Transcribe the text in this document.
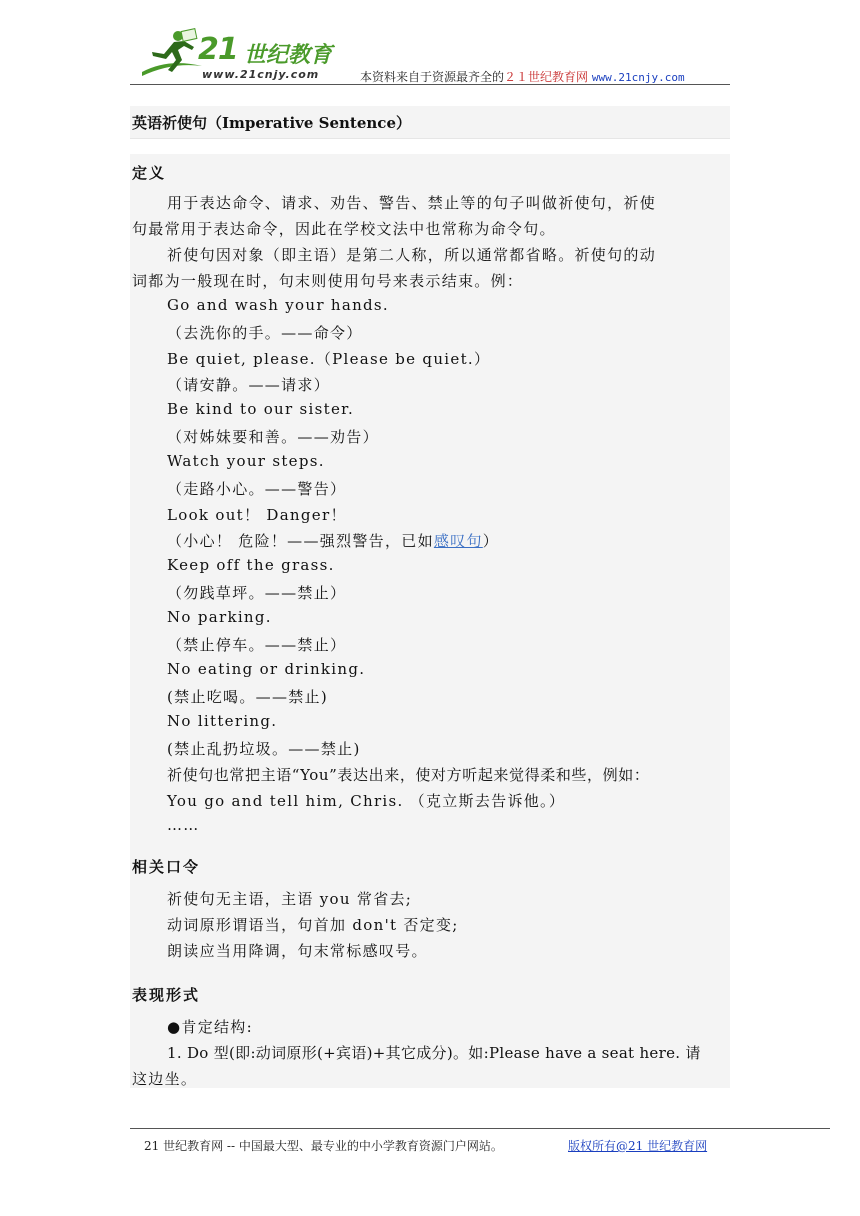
21 世纪教育
www.21cnjy.com	本资料来自于资源最齐全的２１世纪教育网 www.21cnjy.com
英语祈使句（Imperative Sentence）
定义
用于表达命令、请求、劝告、警告、禁止等的句子叫做祈使句，祈使
句最常用于表达命令，因此在学校文法中也常称为命令句。
祈使句因对象（即主语）是第二人称，所以通常都省略。祈使句的动
词都为一般现在时，句末则使用句号来表示结束。例：
Go and wash your hands.
（去洗你的手。——命令）
Be quiet, please.（Please be quiet.）
（请安静。——请求）
Be kind to our sister.
（对姊妹要和善。——劝告）
Watch your steps.
（走路小心。——警告）
Look out！ Danger！
（小心！ 危险！——强烈警告，已如感叹句）
Keep off the grass.
（勿践草坪。——禁止）
No parking.
（禁止停车。——禁止）
No eating or drinking.
(禁止吃喝。——禁止)
No littering.
(禁止乱扔垃圾。——禁止)
祈使句也常把主语“You”表达出来，使对方听起来觉得柔和些，例如：
You go and tell him, Chris. （克立斯去告诉他。）
……
相关口令
祈使句无主语，主语 you 常省去;
动词原形谓语当，句首加 don't 否定变;
朗读应当用降调，句末常标感叹号。
表现形式
●肯定结构:
1. Do 型(即:动词原形(+宾语)+其它成分)。如:Please have a seat here. 请
这边坐。
21 世纪教育网 -- 中国最大型、最专业的中小学教育资源门户网站。	版权所有@21 世纪教育网
